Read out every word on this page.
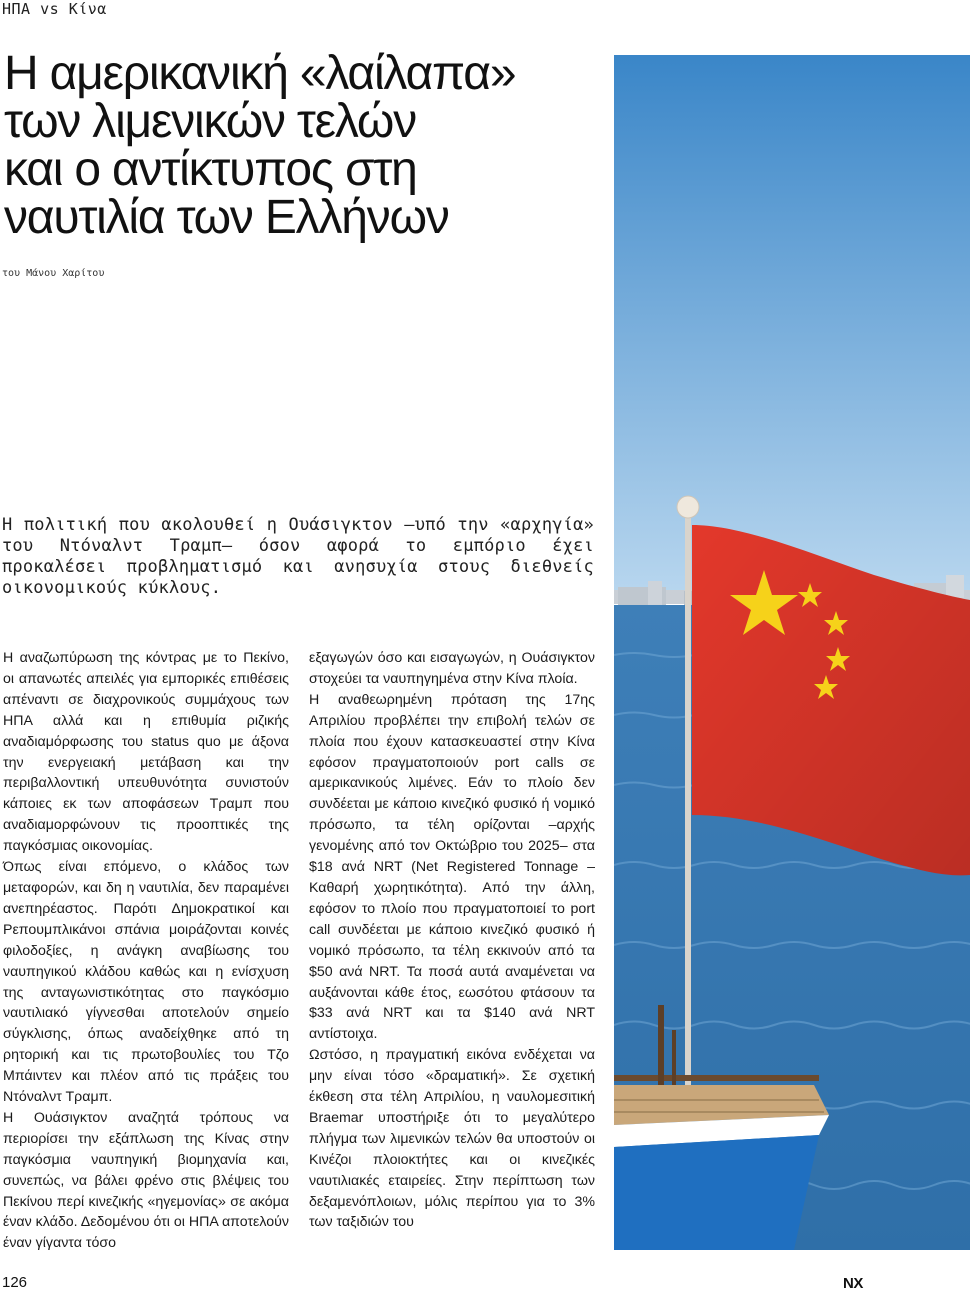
ΗΠΑ vs Κίνα
Η αμερικανική «λαίλαπα»
των λιμενικών τελών
και ο αντίκτυπος στη
ναυτιλία των Ελλήνων
του Μάνου Χαρίτου

Η πολιτική που ακολουθεί η Ουάσιγκτον –υπό την «αρχηγία» του Ντόναλντ Τραμπ– όσον αφορά το εμπόριο έχει προκαλέσει προβληματισμό και ανησυχία στους διεθνείς οικονομικούς κύκλους.

Η αναζωπύρωση της κόντρας με το Πεκίνο, οι απανωτές απειλές για εμπορικές επιθέσεις απέναντι σε διαχρονικούς συμμάχους των ΗΠΑ αλλά και η επιθυμία ριζικής αναδιαμόρφωσης του status quo με άξονα την ενεργειακή μετάβαση και την περιβαλλοντική υπευθυνότητα συνιστούν κάποιες εκ των αποφάσεων Τραμπ που αναδιαμορφώνουν τις προοπτικές της παγκόσμιας οικονομίας.

Όπως είναι επόμενο, ο κλάδος των μεταφορών, και δη η ναυτιλία, δεν παραμένει ανεπηρέαστος. Παρότι Δημοκρατικοί και Ρεπουμπλικάνοι σπάνια μοιράζονται κοινές φιλοδοξίες, η ανάγκη αναβίωσης του ναυπηγικού κλάδου καθώς και η ενίσχυση της ανταγωνιστικότητας στο παγκόσμιο ναυτιλιακό γίγνεσθαι αποτελούν σημείο σύγκλισης, όπως αναδείχθηκε από τη ρητορική και τις πρωτοβουλίες του Τζο Μπάιντεν και πλέον από τις πράξεις του Ντόναλντ Τραμπ.

Η Ουάσιγκτον αναζητά τρόπους να περιορίσει την εξάπλωση της Κίνας στην παγκόσμια ναυπηγική βιομηχανία και, συνεπώς, να βάλει φρένο στις βλέψεις του Πεκίνου περί κινεζικής «ηγεμονίας» σε ακόμα έναν κλάδο. Δεδομένου ότι οι ΗΠΑ αποτελούν έναν γίγαντα τόσο

εξαγωγών όσο και εισαγωγών, η Ουάσιγκτον στοχεύει τα ναυπηγημένα στην Κίνα πλοία.

Η αναθεωρημένη πρόταση της 17ης Απριλίου προβλέπει την επιβολή τελών σε πλοία που έχουν κατασκευαστεί στην Κίνα εφόσον πραγματοποιούν port calls σε αμερικανικούς λιμένες. Εάν το πλοίο δεν συνδέεται με κάποιο κινεζικό φυσικό ή νομικό πρόσωπο, τα τέλη ορίζονται –αρχής γενομένης από τον Οκτώβριο του 2025– στα $18 ανά NRT (Net Registered Tonnage – Καθαρή χωρητικότητα). Από την άλλη, εφόσον το πλοίο που πραγματοποιεί το port call συνδέεται με κάποιο κινεζικό φυσικό ή νομικό πρόσωπο, τα τέλη εκκινούν από τα $50 ανά NRT. Τα ποσά αυτά αναμένεται να αυξάνονται κάθε έτος, εωσότου φτάσουν τα $33 ανά NRT και τα $140 ανά NRT αντίστοιχα.

Ωστόσο, η πραγματική εικόνα ενδέχεται να μην είναι τόσο «δραματική». Σε σχετική έκθεση στα τέλη Απριλίου, η ναυλομεσιτική Braemar υποστήριξε ότι το μεγαλύτερο πλήγμα των λιμενικών τελών θα υποστούν οι Κινέζοι πλοιοκτήτες και οι κινεζικές ναυτιλιακές εταιρείες. Στην περίπτωση των δεξαμενόπλοιων, μόλις περίπου για το 3% των ταξιδιών του

126	NX
